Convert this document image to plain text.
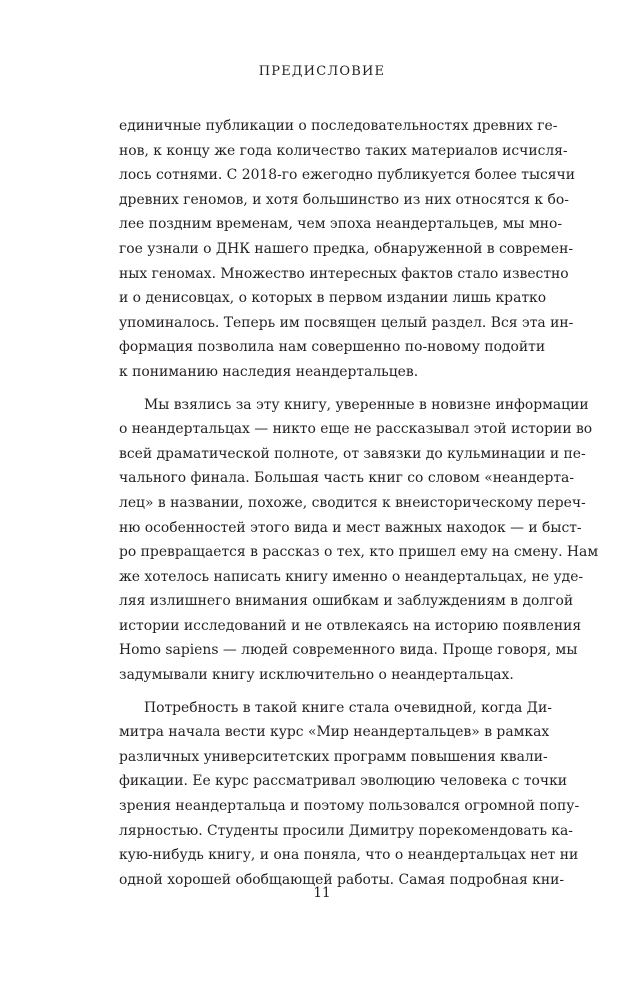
ПРЕДИСЛОВИЕ
единичные публикации о последовательностях древних ге-
нов, к концу же года количество таких материалов исчисля-
лось сотнями. С 2018-го ежегодно публикуется более тысячи
древних геномов, и хотя большинство из них относятся к бо-
лее поздним временам, чем эпоха неандертальцев, мы мно-
гое узнали о ДНК нашего предка, обнаруженной в современ-
ных геномах. Множество интересных фактов стало известно
и о денисовцах, о которых в первом издании лишь кратко
упоминалось. Теперь им посвящен целый раздел. Вся эта ин-
формация позволила нам совершенно по-новому подойти
к пониманию наследия неандертальцев.
Мы взялись за эту книгу, уверенные в новизне информации
о неандертальцах — никто еще не рассказывал этой истории во
всей драматической полноте, от завязки до кульминации и пе-
чального финала. Большая часть книг со словом «неандерта-
лец» в названии, похоже, сводится к внеисторическому переч-
ню особенностей этого вида и мест важных находок — и быст-
ро превращается в рассказ о тех, кто пришел ему на смену. Нам
же хотелось написать книгу именно о неандертальцах, не уде-
ляя излишнего внимания ошибкам и заблуждениям в долгой
истории исследований и не отвлекаясь на историю появления
Homo sapiens — людей современного вида. Проще говоря, мы
задумывали книгу исключительно о неандертальцах.
Потребность в такой книге стала очевидной, когда Ди-
митра начала вести курс «Мир неандертальцев» в рамках
различных университетских программ повышения квали-
фикации. Ее курс рассматривал эволюцию человека с точки
зрения неандертальца и поэтому пользовался огромной попу-
лярностью. Студенты просили Димитру порекомендовать ка-
кую-нибудь книгу, и она поняла, что о неандертальцах нет ни
одной хорошей обобщающей работы. Самая подробная кни-
11
